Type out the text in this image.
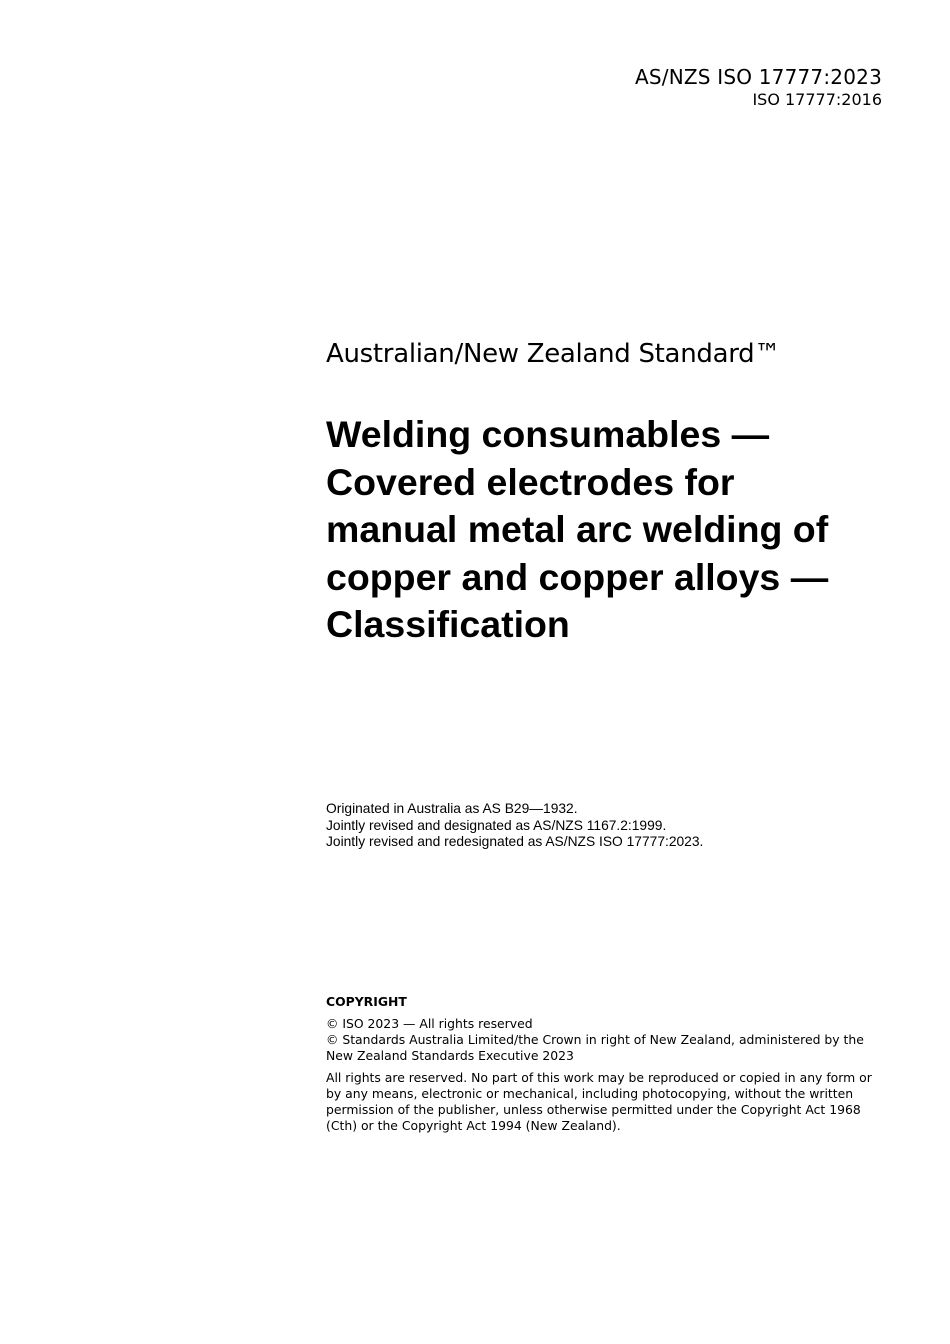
AS/NZS ISO 17777:2023
ISO 17777:2016
Australian/New Zealand Standard™
Welding consumables —
Covered electrodes for
manual metal arc welding of
copper and copper alloys —
Classification
Originated in Australia as AS B29—1932.
Jointly revised and designated as AS/NZS 1167.2:1999.
Jointly revised and redesignated as AS/NZS ISO 17777:2023.
COPYRIGHT
© ISO 2023 — All rights reserved
© Standards Australia Limited/the Crown in right of New Zealand, administered by the New Zealand Standards Executive 2023
All rights are reserved. No part of this work may be reproduced or copied in any form or by any means, electronic or mechanical, including photocopying, without the written permission of the publisher, unless otherwise permitted under the Copyright Act 1968 (Cth) or the Copyright Act 1994 (New Zealand).
